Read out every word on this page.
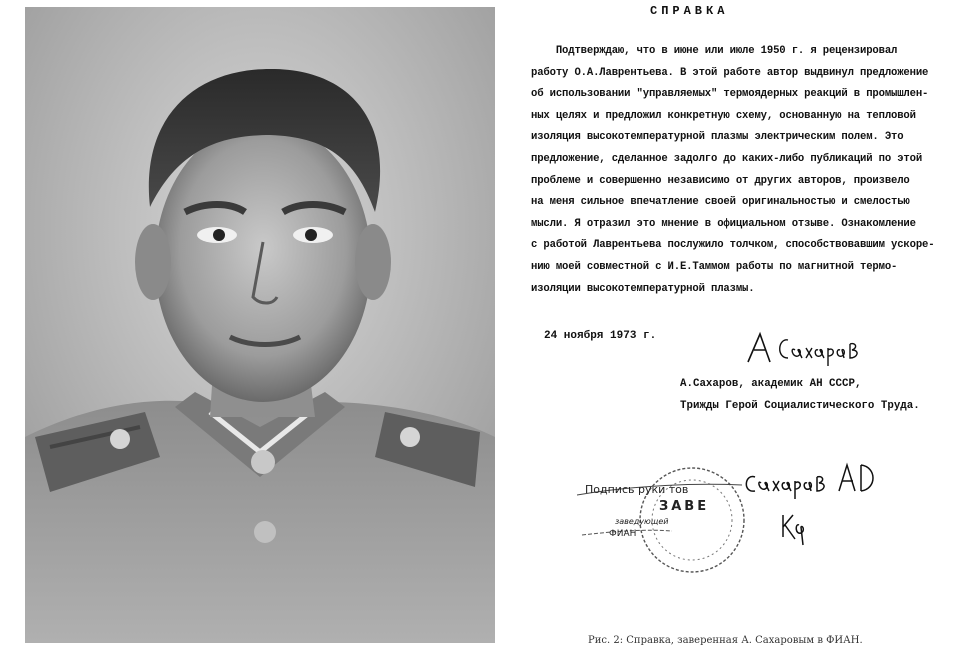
СПРАВКА
Подтверждаю, что в июне или июле 1950 г. я рецензировал
работу О.А.Лаврентьева. В этой работе автор выдвинул предложение
об использовании "управляемых" термоядерных реакций в промышлен-
ных целях и предложил конкретную схему, основанную на тепловой
изоляция высокотемпературной плазмы электрическим полем. Это
предложение, сделанное задолго до каких-либо публикаций по этой
проблеме и совершенно независимо от других авторов, произвело
на меня сильное впечатление своей оригинальностью и смелостью
мысли. Я отразил это мнение в официальном отзыве. Ознакомление
с работой Лаврентьева послужило толчком, способствовавшим ускоре-
нию моей совместной с И.Е.Таммом работы по магнитной термо-
изоляции высокотемпературной плазмы.
24 ноября 1973 г.
А.Сахаров, академик АН СССР,
Трижды Герой Социалистического Труда.
Подпись руки тов
ЗАВЕ
заведующей
ФИАН
Рис. 2: Справка, заверенная А. Сахаровым в ФИАН.
